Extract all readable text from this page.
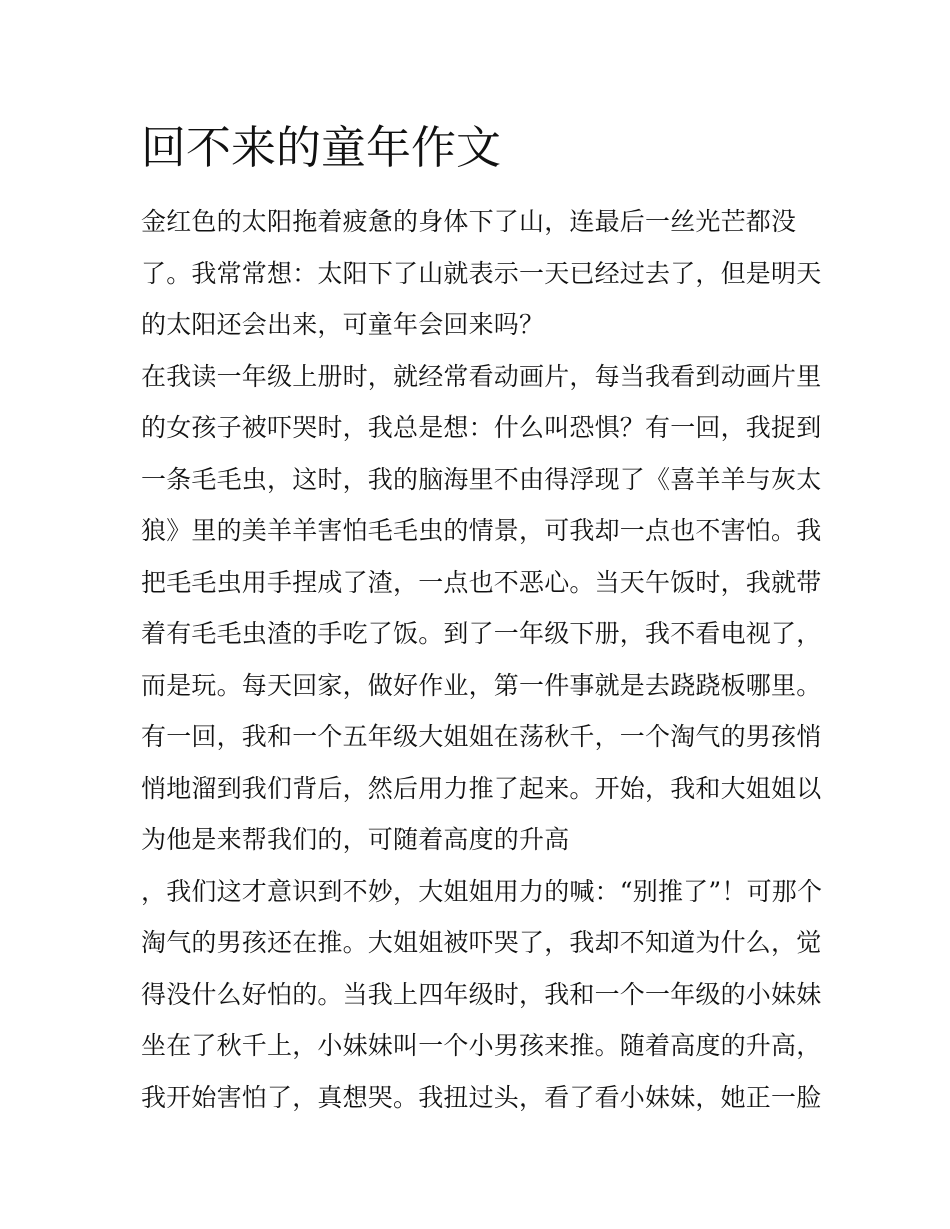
回不来的童年作文
金红色的太阳拖着疲惫的身体下了山，连最后一丝光芒都没
了。我常常想：太阳下了山就表示一天已经过去了，但是明天
的太阳还会出来，可童年会回来吗？
在我读一年级上册时，就经常看动画片，每当我看到动画片里
的女孩子被吓哭时，我总是想：什么叫恐惧？有一回，我捉到
一条毛毛虫，这时，我的脑海里不由得浮现了《喜羊羊与灰太
狼》里的美羊羊害怕毛毛虫的情景，可我却一点也不害怕。我
把毛毛虫用手捏成了渣，一点也不恶心。当天午饭时，我就带
着有毛毛虫渣的手吃了饭。到了一年级下册，我不看电视了，
而是玩。每天回家，做好作业，第一件事就是去跷跷板哪里。
有一回，我和一个五年级大姐姐在荡秋千，一个淘气的男孩悄
悄地溜到我们背后，然后用力推了起来。开始，我和大姐姐以
为他是来帮我们的，可随着高度的升高
，我们这才意识到不妙，大姐姐用力的喊：“别推了”！可那个
淘气的男孩还在推。大姐姐被吓哭了，我却不知道为什么，觉
得没什么好怕的。当我上四年级时，我和一个一年级的小妹妹
坐在了秋千上，小妹妹叫一个小男孩来推。随着高度的升高，
我开始害怕了，真想哭。我扭过头，看了看小妹妹，她正一脸
